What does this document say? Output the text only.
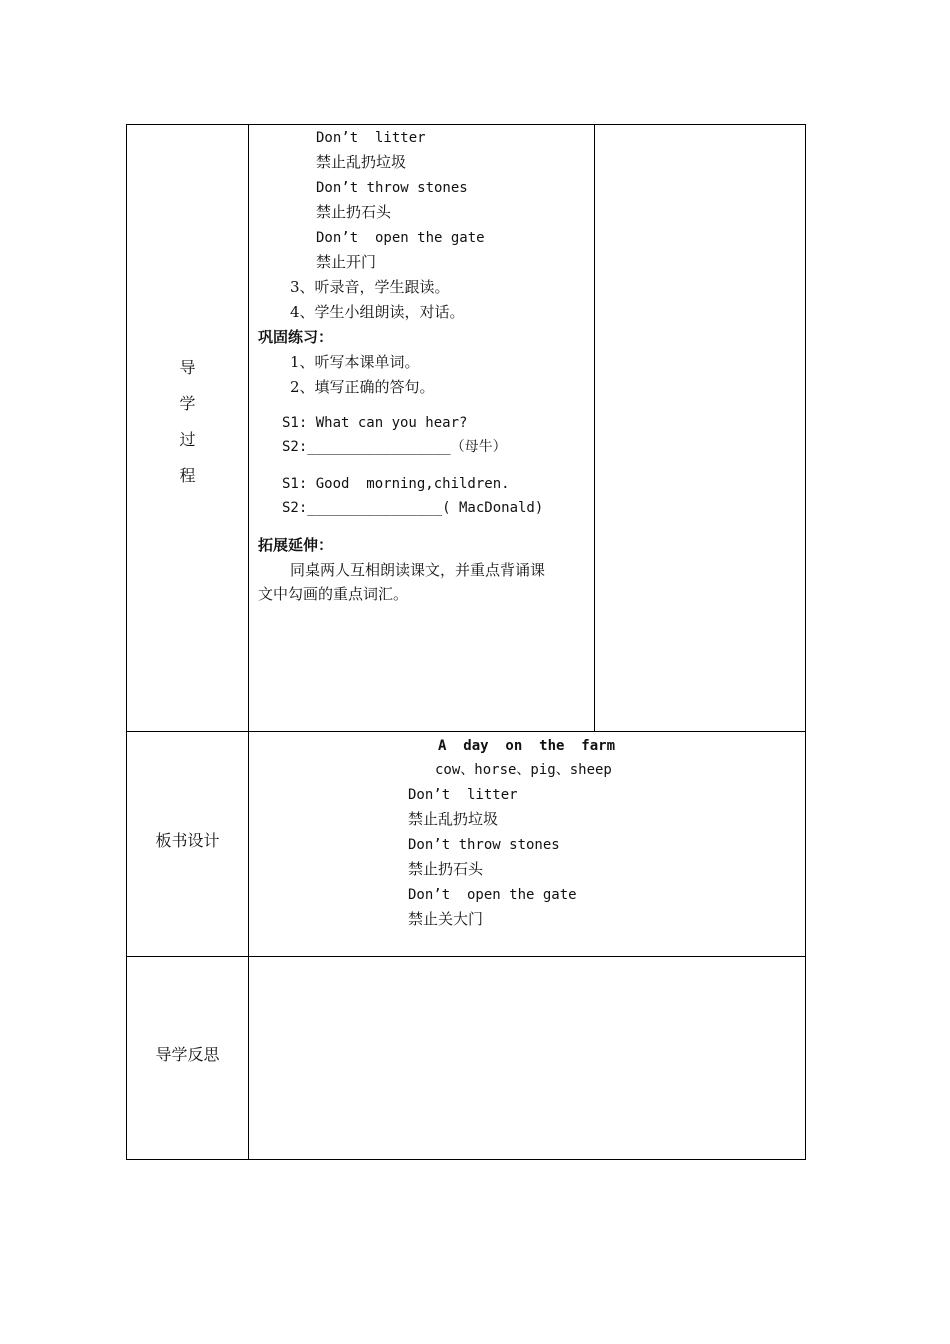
导
学
过
程
Don’t  litter
禁止乱扔垃圾
Don’t throw stones
禁止扔石头
Don’t  open the gate
禁止开门
3、听录音，学生跟读。
4、学生小组朗读，对话。
巩固练习：
1、听写本课单词。
2、填写正确的答句。
S1: What can you hear?
S2:_________________（母牛）
S1: Good  morning,children.
S2:________________( MacDonald)
拓展延伸：
同桌两人互相朗读课文，并重点背诵课
文中勾画的重点词汇。
板书设计
A  day  on  the  farm
cow、horse、pig、sheep
Don’t  litter
禁止乱扔垃圾
Don’t throw stones
禁止扔石头
Don’t  open the gate
禁止关大门
导学反思
